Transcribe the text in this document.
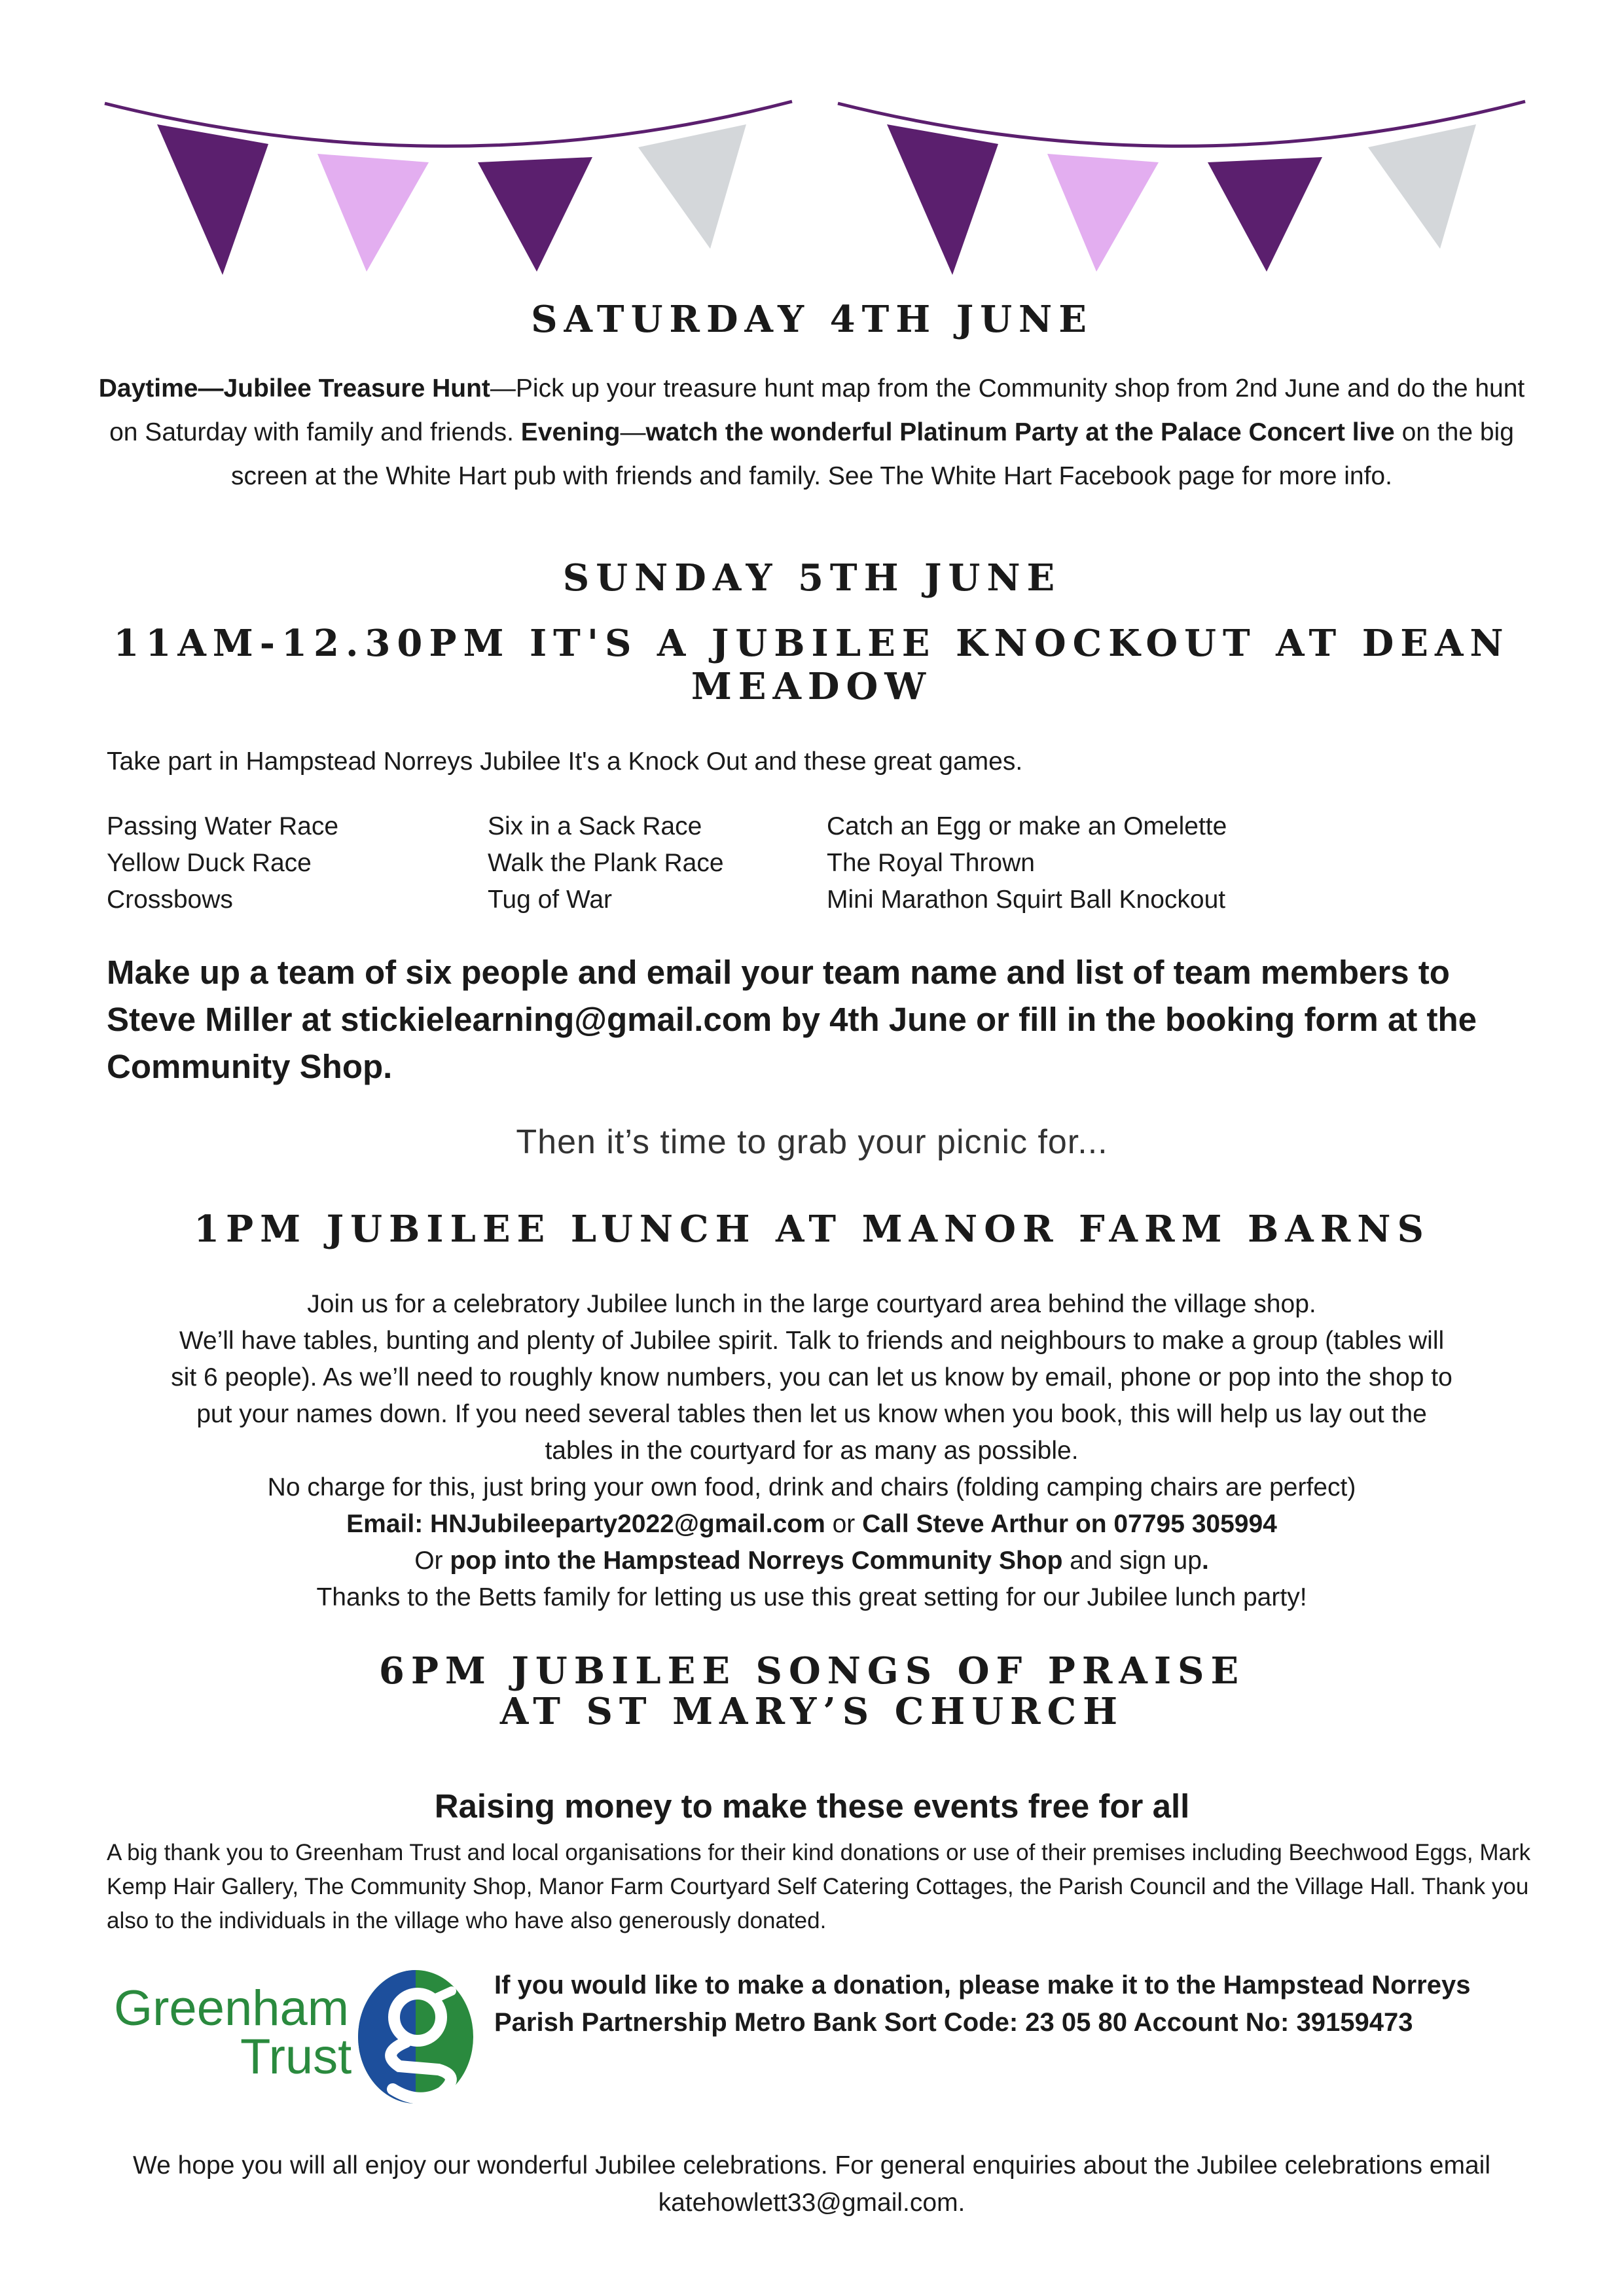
SATURDAY 4TH JUNE
Daytime—Jubilee Treasure Hunt—Pick up your treasure hunt map from the Community shop from 2nd June and do the hunt on Saturday with family and friends. Evening—watch the wonderful Platinum Party at the Palace Concert live on the big screen at the White Hart pub with friends and family. See The White Hart Facebook page for more info.
SUNDAY 5TH JUNE
11AM-12.30PM IT'S A JUBILEE KNOCKOUT AT DEAN MEADOW
Take part in Hampstead Norreys Jubilee It's a Knock Out and these great games.
Passing Water Race
Yellow Duck Race
Crossbows
Six in a Sack Race
Walk the Plank Race
Tug of War
Catch an Egg or make an Omelette
The Royal Thrown
Mini Marathon Squirt Ball Knockout
Make up a team of six people and email your team name and list of team members to Steve Miller at stickielearning@gmail.com by 4th June or fill in the booking form at the Community Shop.
Then it’s time to grab your picnic for...
1PM JUBILEE LUNCH AT MANOR FARM BARNS
Join us for a celebratory Jubilee lunch in the large courtyard area behind the village shop.
We’ll have tables, bunting and plenty of Jubilee spirit. Talk to friends and neighbours to make a group (tables will
sit 6 people). As we’ll need to roughly know numbers, you can let us know by email, phone or pop into the shop to
put your names down. If you need several tables then let us know when you book, this will help us lay out the
tables in the courtyard for as many as possible.
No charge for this, just bring your own food, drink and chairs (folding camping chairs are perfect)
Email: HNJubileeparty2022@gmail.com or Call Steve Arthur on 07795 305994
Or pop into the Hampstead Norreys Community Shop and sign up.
Thanks to the Betts family for letting us use this great setting for our Jubilee lunch party!
6PM JUBILEE SONGS OF PRAISE
AT ST MARY’S CHURCH
Raising money to make these events free for all
A big thank you to Greenham Trust and local organisations for their kind donations or use of their premises including Beechwood Eggs, Mark Kemp Hair Gallery, The Community Shop, Manor Farm Courtyard Self Catering Cottages, the Parish Council and the Village Hall. Thank you also to the individuals in the village who have also generously donated.
Greenham
Trust
If you would like to make a donation, please make it to the Hampstead Norreys Parish Partnership Metro Bank Sort Code: 23 05 80 Account No: 39159473
We hope you will all enjoy our wonderful Jubilee celebrations. For general enquiries about the Jubilee celebrations email katehowlett33@gmail.com.
